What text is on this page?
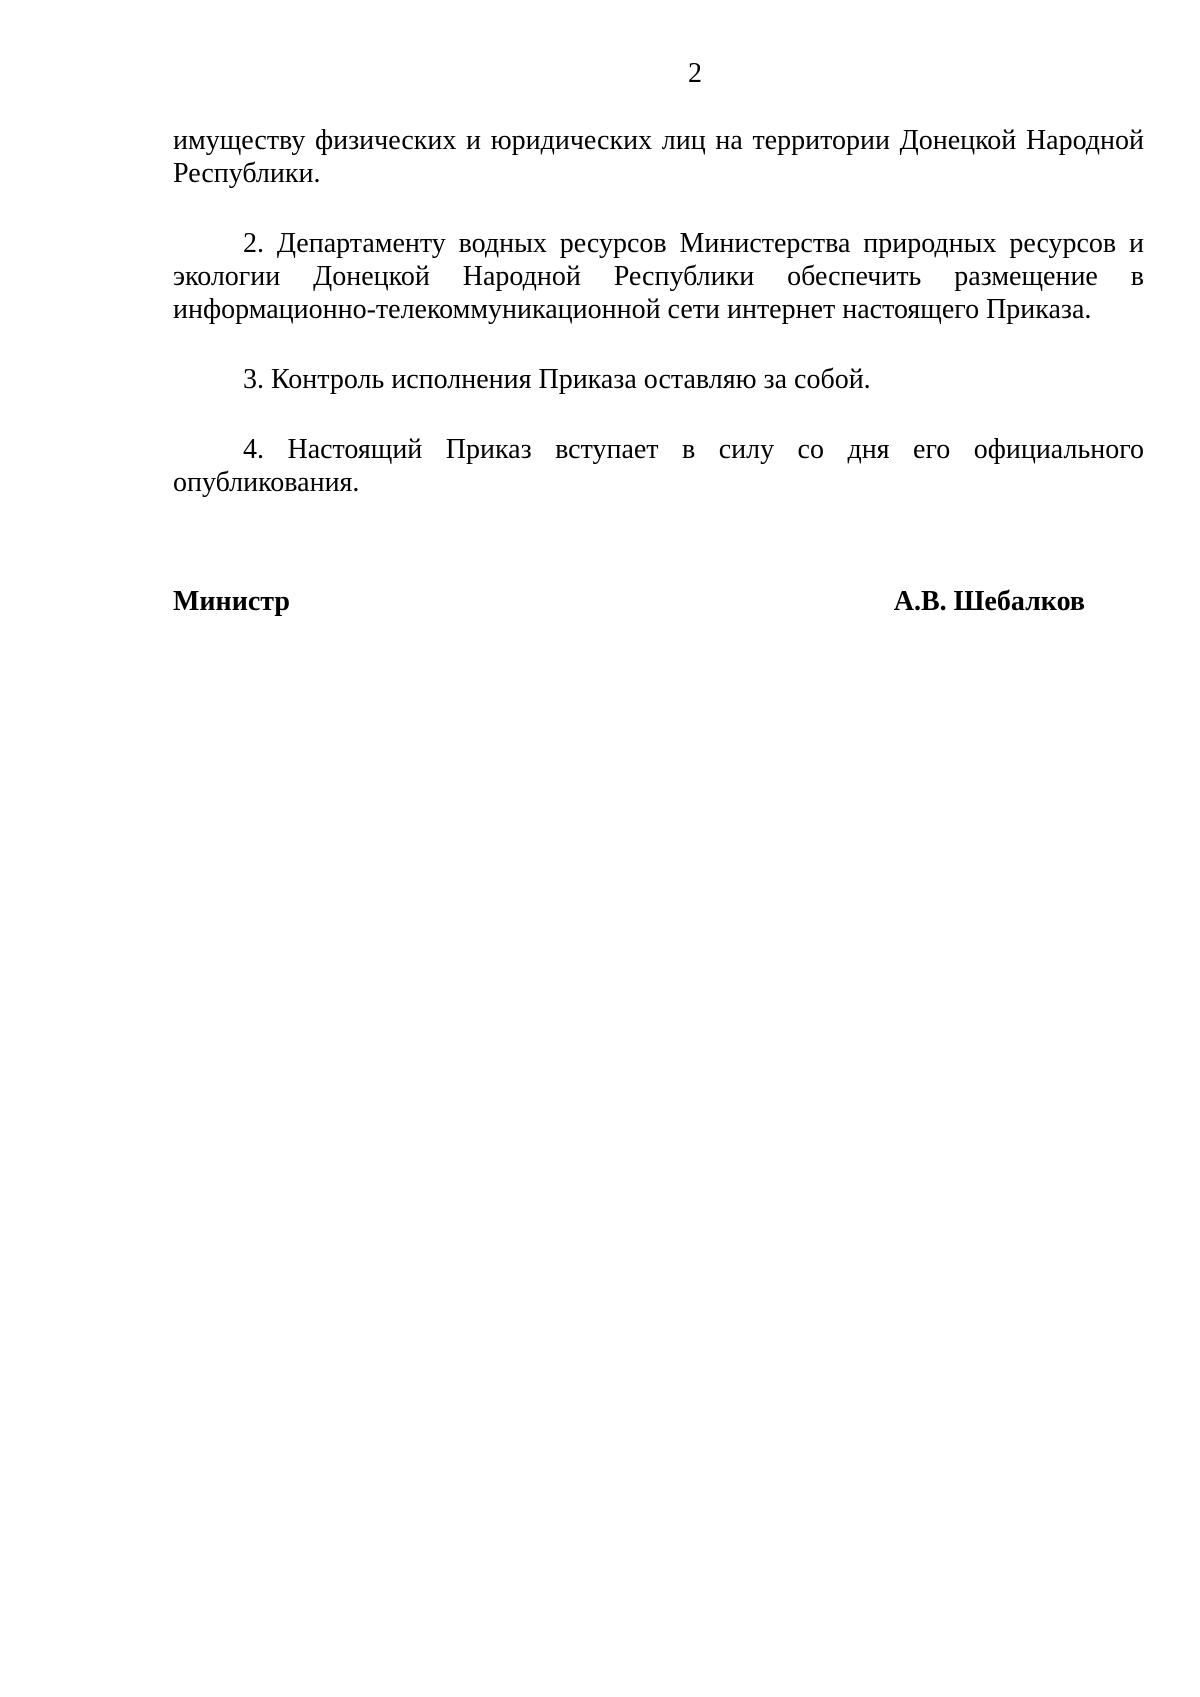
2

имуществу физических и юридических лиц на территории Донецкой Народной Республики.

2. Департаменту водных ресурсов Министерства природных ресурсов и экологии Донецкой Народной Республики обеспечить размещение в информационно-телекоммуникационной сети интернет настоящего Приказа.

3. Контроль исполнения Приказа оставляю за собой.

4. Настоящий Приказ вступает в силу со дня его официального опубликования.

Министр	А.В. Шебалков
